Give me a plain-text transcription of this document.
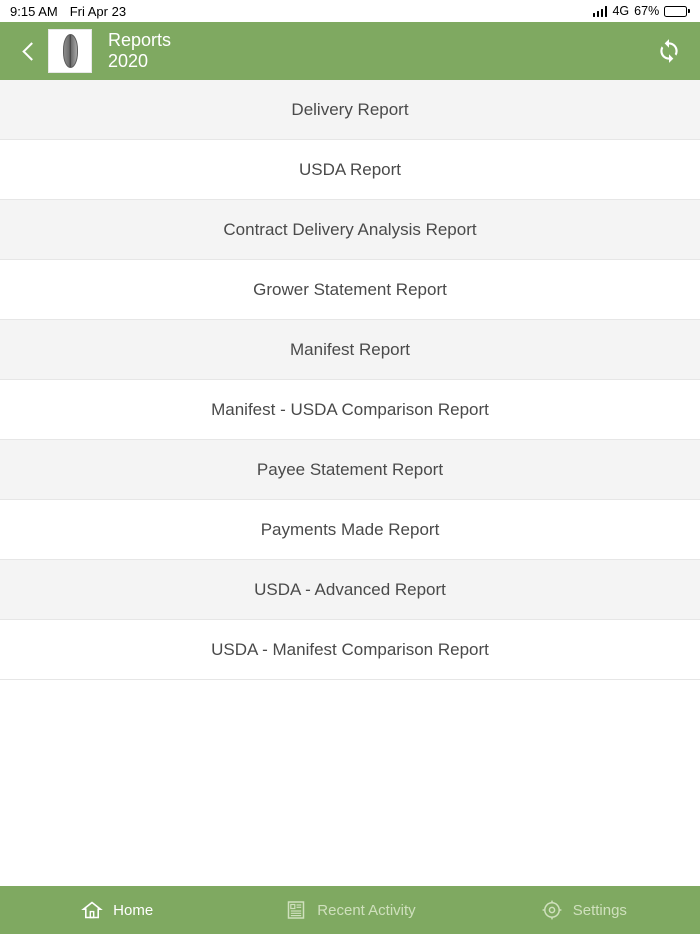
9:15 AM Fri Apr 23	4G 67%
Reports
2020
Delivery Report
USDA Report
Contract Delivery Analysis Report
Grower Statement Report
Manifest Report
Manifest - USDA Comparison Report
Payee Statement Report
Payments Made Report
USDA - Advanced Report
USDA - Manifest Comparison Report
Home	Recent Activity	Settings
